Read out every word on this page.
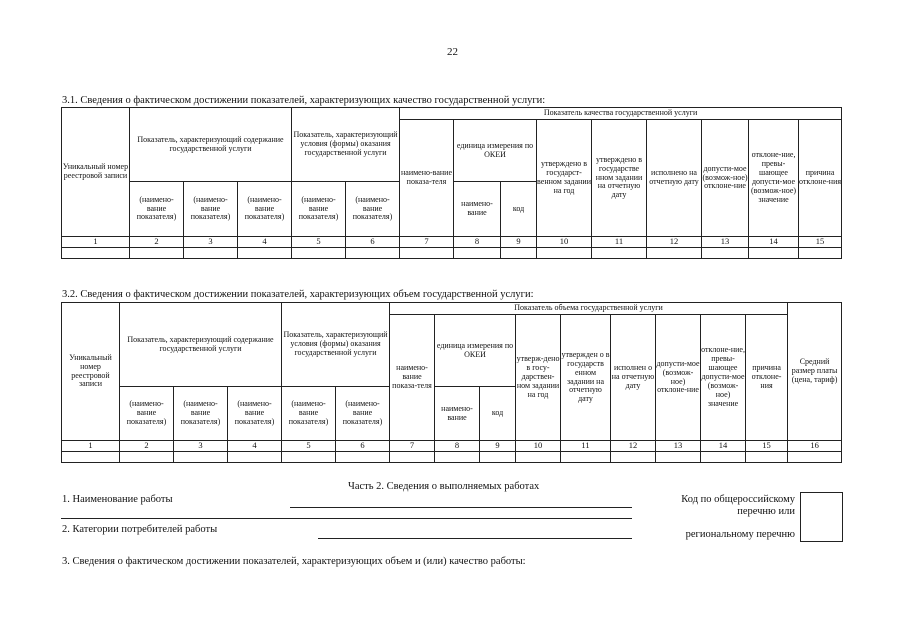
22
3.1. Сведения о фактическом достижении показателей, характеризующих качество государственной услуги:
Уникальный номер реестровой записи	Показатель, характеризующий содержание государственной услуги			Показатель, характеризующий условия (формы) оказания государственной услуги		Показатель качества государственной услуги								
						наимено-вание показа-теля	единица измерения по ОКЕИ		утверждено в государст-венном задании на год	утверждено в государстве нном задании на отчетную дату	исполнено на отчетную дату	допусти-мое (возмож-ное) отклоне-ние	отклоне-ние, превы-шающее допусти-мое (возмож-ное) значение	причина отклоне-ния

	(наимено-вание показателя)	(наимено-вание показателя)	(наимено-вание показателя)	(наимено-вание показателя)	(наимено-вание показателя)		наимено-вание	код						
1	2	3	4	5	6	7	8	9	10	11	12	13	14	15

3.2. Сведения о фактическом достижении показателей, характеризующих объем государственной услуги:
Уникальный номер реестровой записи	Показатель, характеризующий содержание государственной услуги			Показатель, характеризующий условия (формы) оказания государственной услуги		Показатель объема государственной услуги									Средний размер платы (цена, тариф)
						наимено-вание показа-теля	единица измерения по ОКЕИ		утверж-дено в госу-дарствен-ном задании на год	утвержден о в государств енном задании на отчетную дату	исполнен о на отчетную дату	допусти-мое (возмож-ное) отклоне-ние	отклоне-ние, превы-шающее допусти-мое (возмож-ное) значение	причина отклоне-ния	

	(наимено-вание показателя)	(наимено-вание показателя)	(наимено-вание показателя)	(наимено-вание показателя)	(наимено-вание показателя)		наимено-вание	код							
1	2	3	4	5	6	7	8	9	10	11	12	13	14	15	16

Часть 2. Сведения о выполняемых работах
1. Наименование работы
2. Категории потребителей работы
Код по общероссийскому
перечню или
региональному перечню
3. Сведения о фактическом достижении показателей, характеризующих объем и (или) качество работы:
